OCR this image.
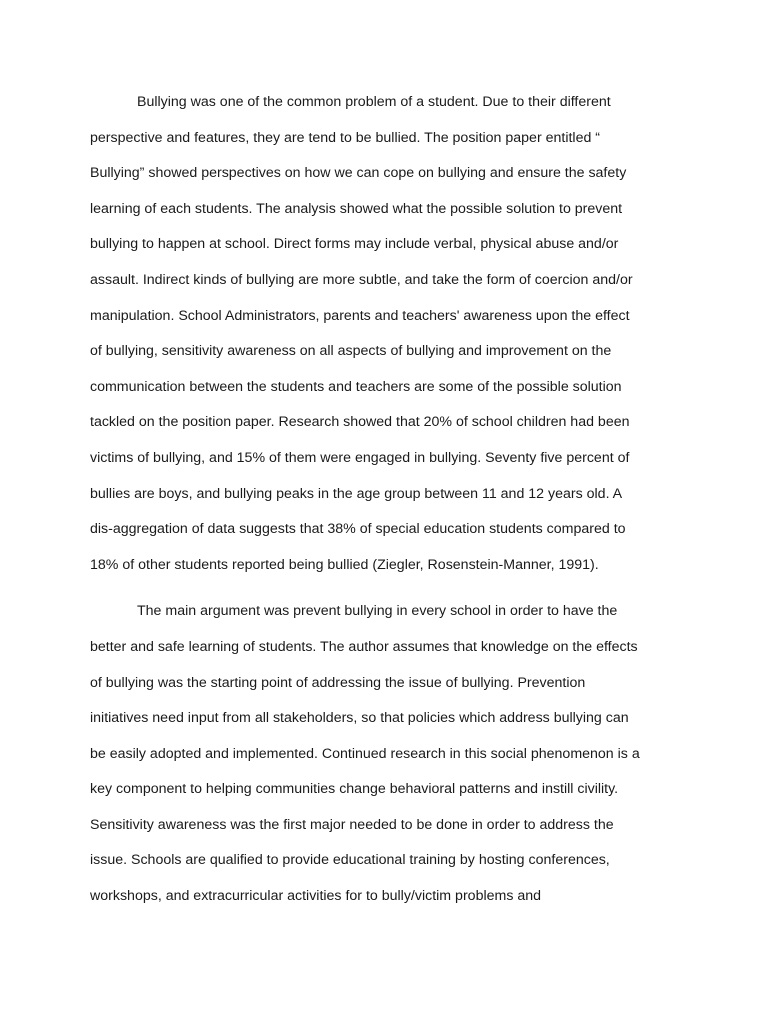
Bullying was one of the common problem of a student. Due to their different
perspective and features, they are tend to be bullied. The position paper entitled “
Bullying” showed perspectives on how we can cope on bullying and ensure the safety
learning of each students. The analysis showed what the possible solution to prevent
bullying to happen at school. Direct forms may include verbal, physical abuse and/or
assault. Indirect kinds of bullying are more subtle, and take the form of coercion and/or
manipulation. School Administrators, parents and teachers' awareness upon the effect
of bullying, sensitivity awareness on all aspects of bullying and improvement on the
communication between the students and teachers are some of the possible solution
tackled on the position paper. Research showed that 20% of school children had been
victims of bullying, and 15% of them were engaged in bullying. Seventy five percent of
bullies are boys, and bullying peaks in the age group between 11 and 12 years old. A
dis-aggregation of data suggests that 38% of special education students compared to
18% of other students reported being bullied (Ziegler, Rosenstein-Manner, 1991).
The main argument was prevent bullying in every school in order to have the
better and safe learning of students. The author assumes that knowledge on the effects
of bullying was the starting point of addressing the issue of bullying. Prevention
initiatives need input from all stakeholders, so that policies which address bullying can
be easily adopted and implemented. Continued research in this social phenomenon is a
key component to helping communities change behavioral patterns and instill civility.
Sensitivity awareness was the first major needed to be done in order to address the
issue. Schools are qualified to provide educational training by hosting conferences,
workshops, and extracurricular activities for to bully/victim problems and
